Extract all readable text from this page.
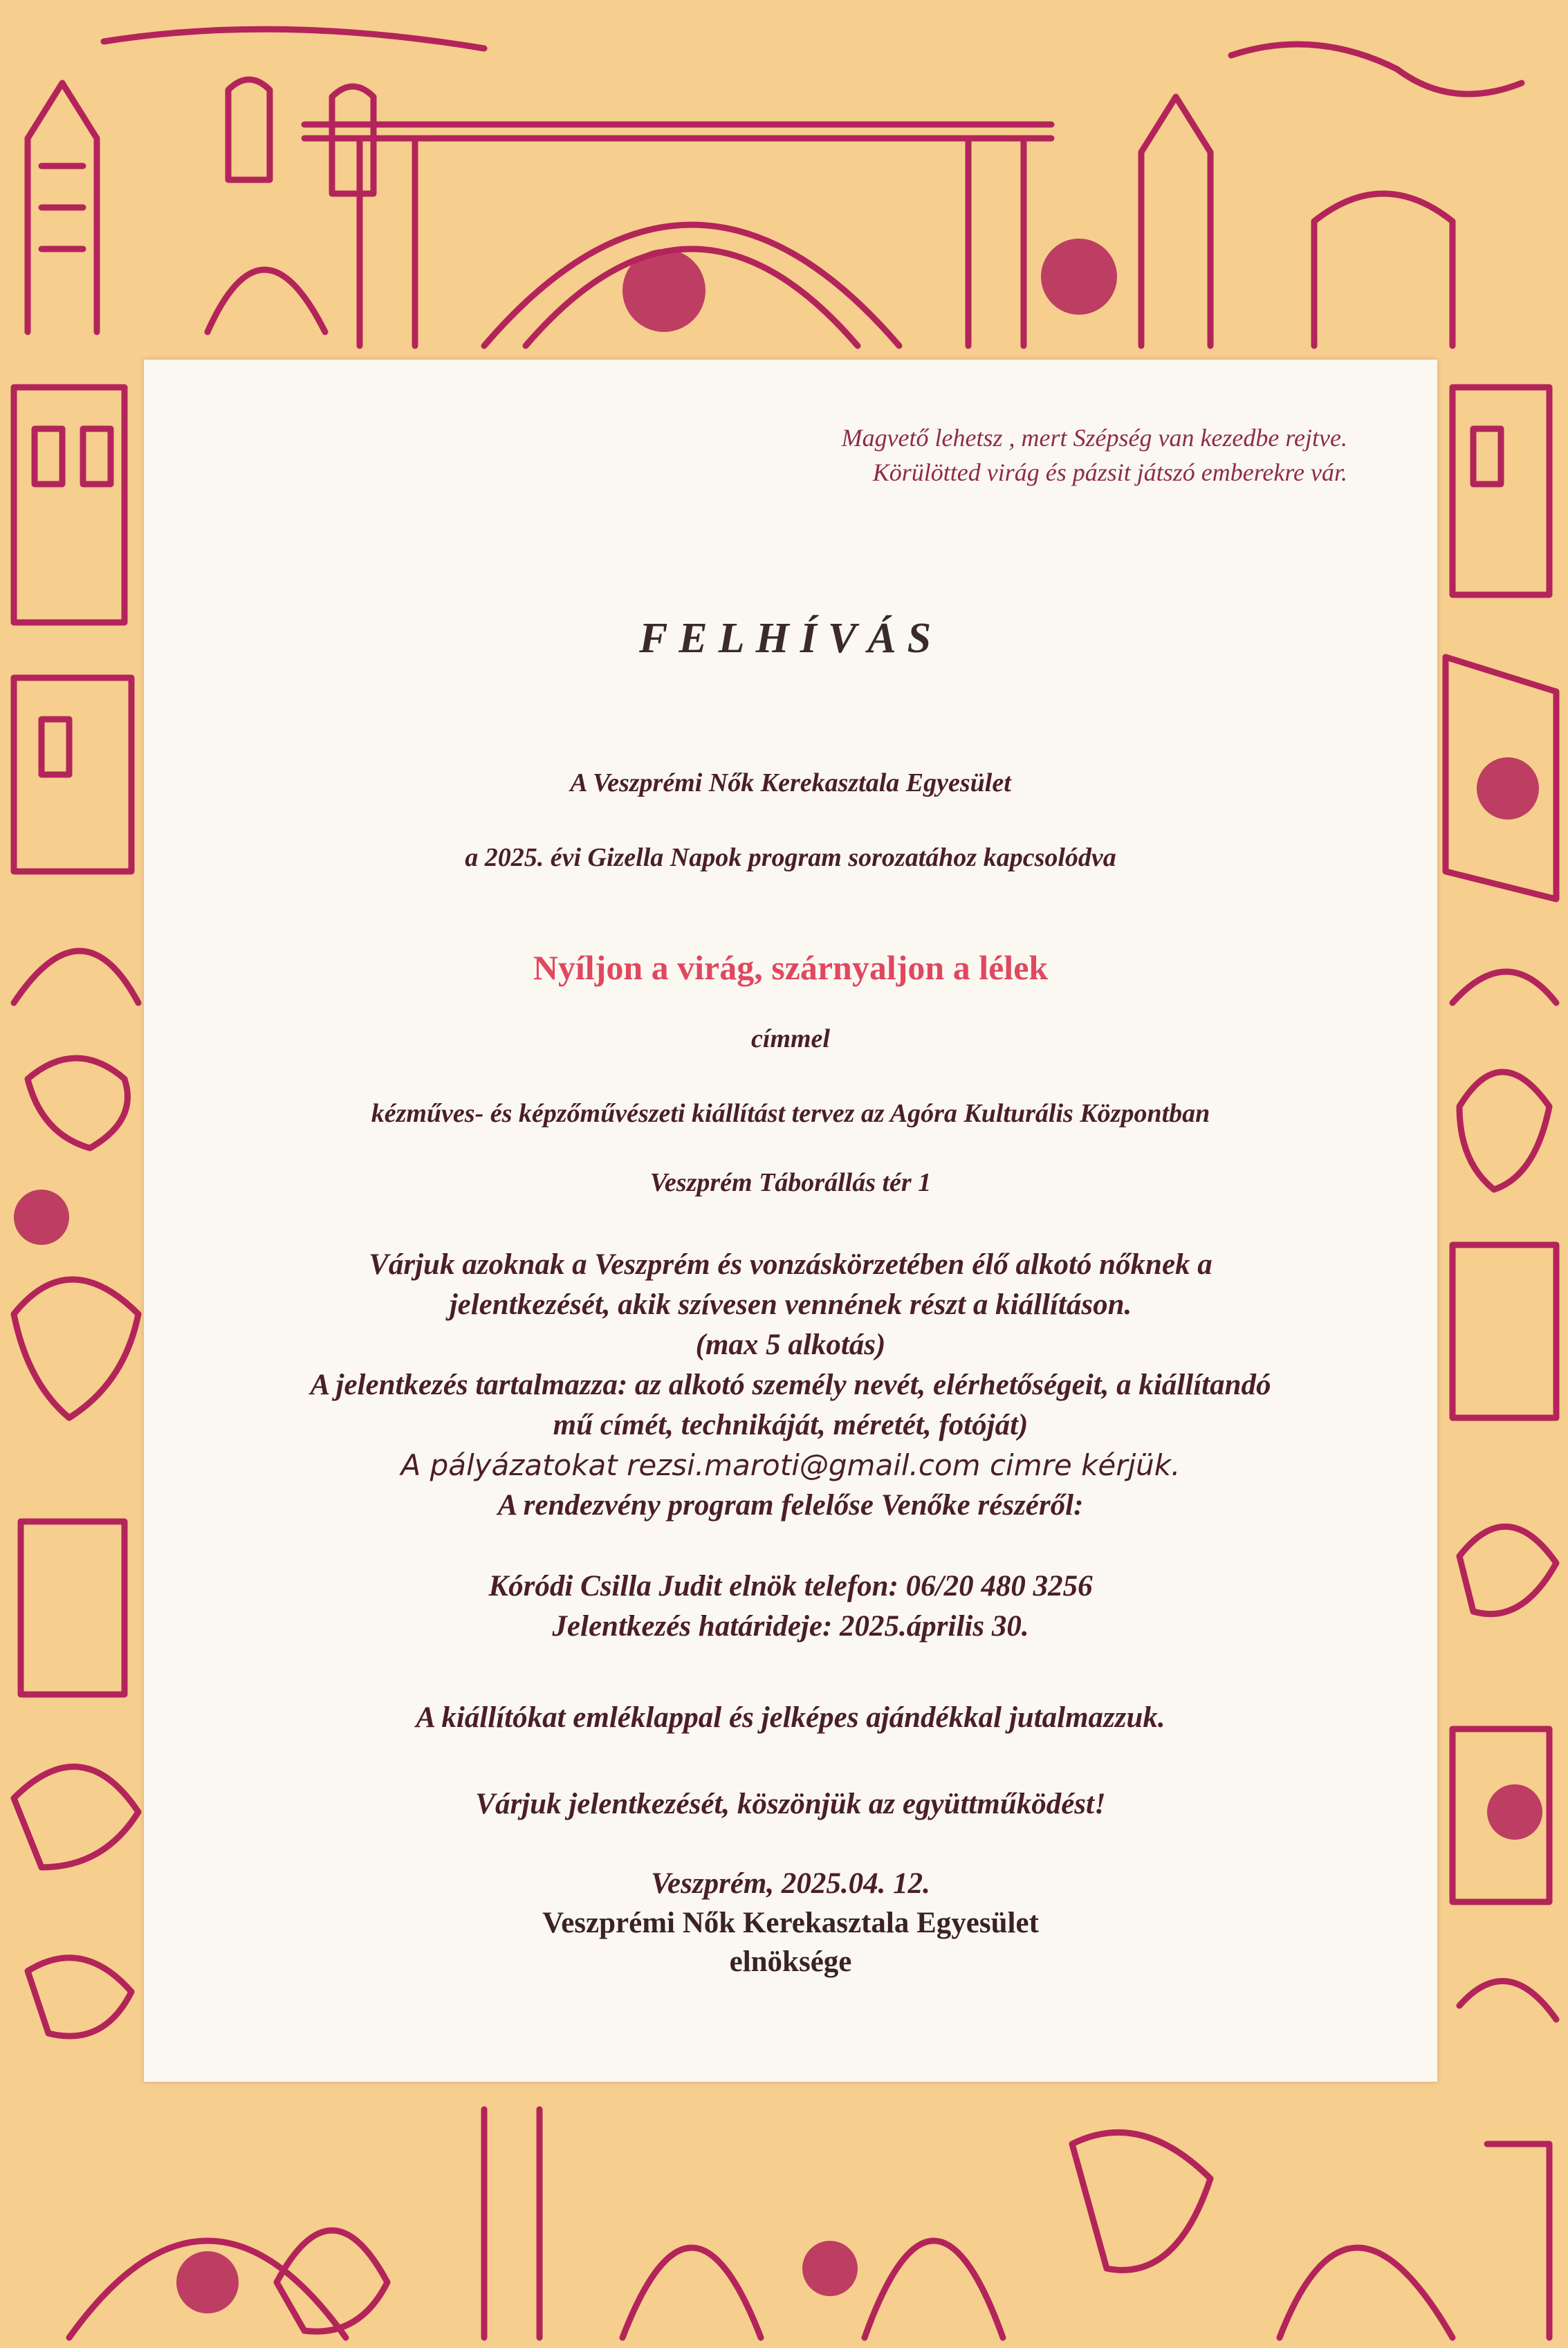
Magvető lehetsz , mert Szépség van kezedbe rejtve.
Körülötted virág és pázsit játszó emberekre vár.
FELHÍVÁS
A Veszprémi Nők Kerekasztala Egyesület
a 2025. évi Gizella Napok program sorozatához kapcsolódva
Nyíljon a virág, szárnyaljon a lélek
címmel
kézműves- és képzőművészeti kiállítást tervez az Agóra Kulturális Központban
Veszprém Táborállás tér 1
Várjuk azoknak a Veszprém és vonzáskörzetében élő alkotó nőknek a
jelentkezését, akik szívesen vennének részt a kiállításon.
(max 5 alkotás)
A jelentkezés tartalmazza: az alkotó személy nevét, elérhetőségeit, a kiállítandó
mű címét, technikáját, méretét, fotóját)
A pályázatokat rezsi.maroti@gmail.com cimre kérjük.
A rendezvény program felelőse Venőke részéről:
Kóródi Csilla Judit elnök telefon: 06/20 480 3256
Jelentkezés határideje: 2025.április 30.
A kiállítókat emléklappal és jelképes ajándékkal jutalmazzuk.
Várjuk jelentkezését, köszönjük az együttműködést!
Veszprém, 2025.04. 12.
Veszprémi Nők Kerekasztala Egyesület
elnöksége
